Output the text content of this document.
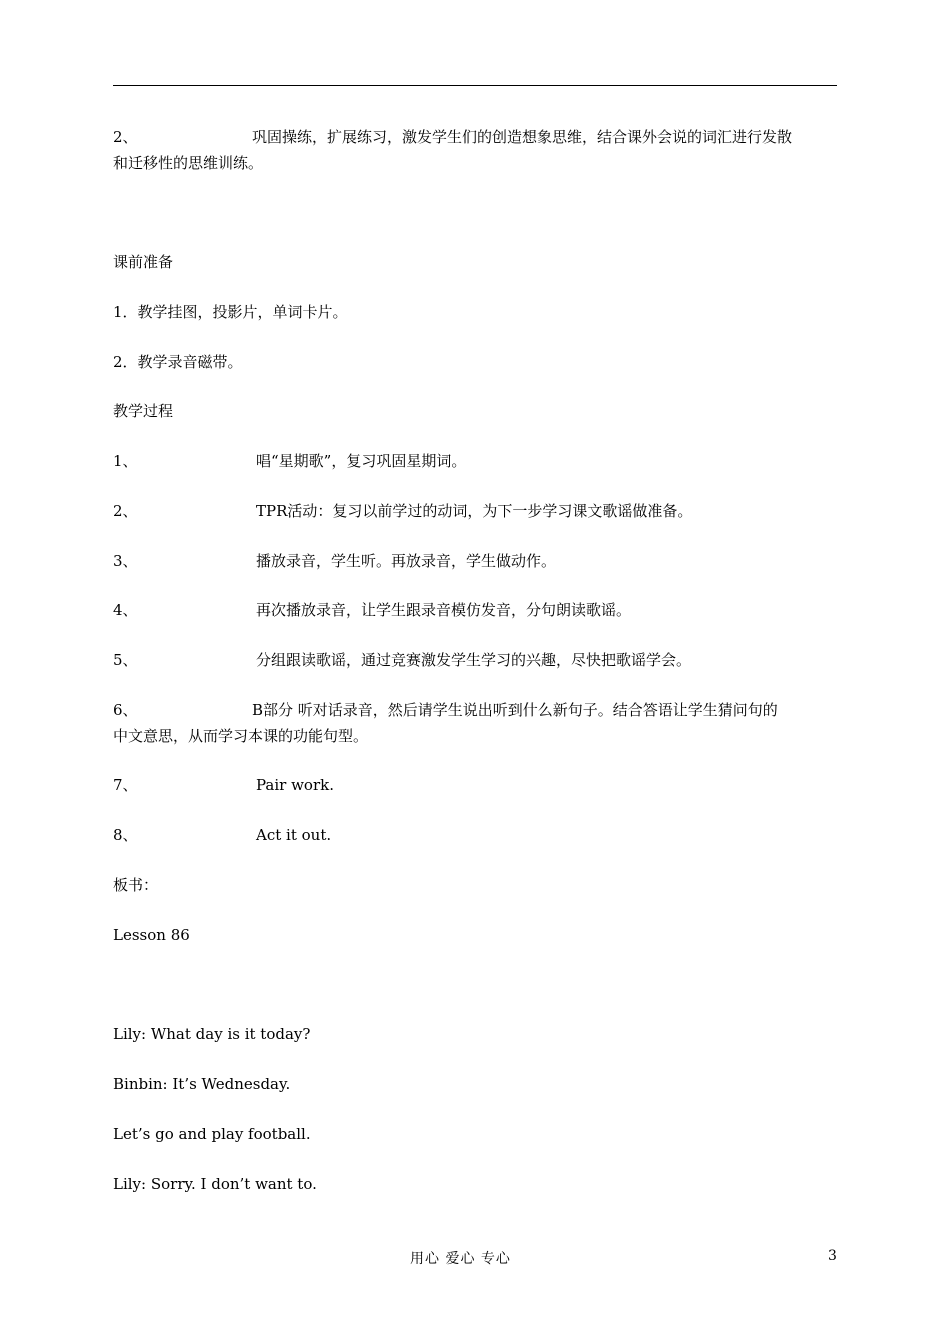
2、	巩固操练，扩展练习，激发学生们的创造想象思维，结合课外会说的词汇进行发散
和迁移性的思维训练。
课前准备
1．教学挂图，投影片，单词卡片。
2．教学录音磁带。
教学过程
1、	唱“星期歌”，复习巩固星期词。
2、	TPR活动：复习以前学过的动词，为下一步学习课文歌谣做准备。
3、	播放录音，学生听。再放录音，学生做动作。
4、	再次播放录音，让学生跟录音模仿发音，分句朗读歌谣。
5、	分组跟读歌谣，通过竞赛激发学生学习的兴趣，尽快把歌谣学会。
6、	B部分 听对话录音，然后请学生说出听到什么新句子。结合答语让学生猜问句的
中文意思，从而学习本课的功能句型。
7、	Pair work.
8、	Act it out.
板书：
Lesson 86
Lily: What day is it today?
Binbin: It’s Wednesday.
Let’s go and play football.
Lily: Sorry. I don’t want to.
用心 爱心 专心	3
